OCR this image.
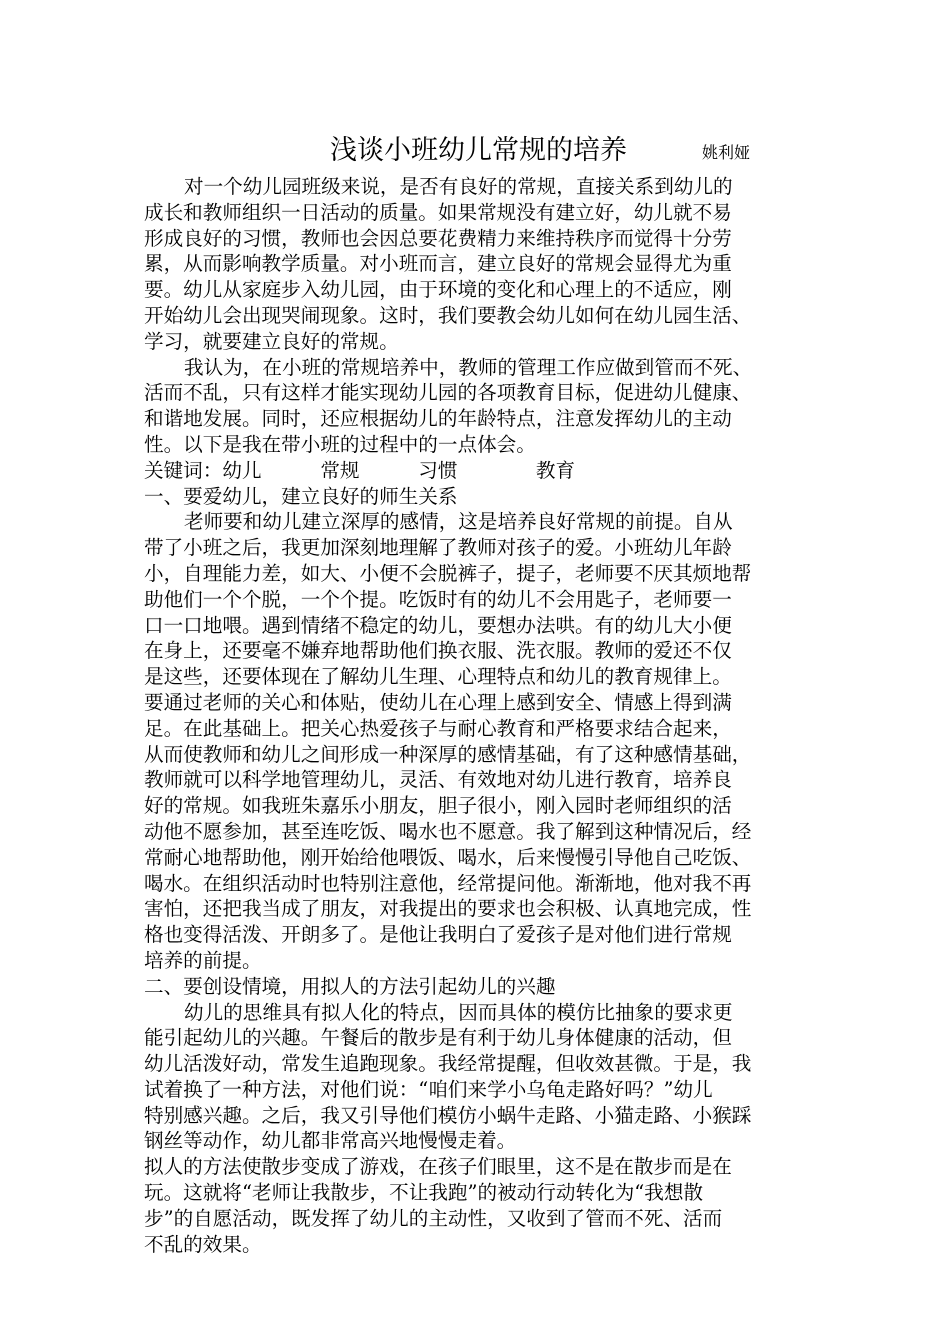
浅谈小班幼儿常规的培养	姚利娅
对一个幼儿园班级来说，是否有良好的常规，直接关系到幼儿的
成长和教师组织一日活动的质量。如果常规没有建立好，幼儿就不易
形成良好的习惯，教师也会因总要花费精力来维持秩序而觉得十分劳
累，从而影响教学质量。对小班而言，建立良好的常规会显得尤为重
要。幼儿从家庭步入幼儿园，由于环境的变化和心理上的不适应，刚
开始幼儿会出现哭闹现象。这时，我们要教会幼儿如何在幼儿园生活、
学习，就要建立良好的常规。
我认为，在小班的常规培养中，教师的管理工作应做到管而不死、
活而不乱，只有这样才能实现幼儿园的各项教育目标，促进幼儿健康、
和谐地发展。同时，还应根据幼儿的年龄特点，注意发挥幼儿的主动
性。以下是我在带小班的过程中的一点体会。
关键词：幼儿　　　常规　　　习惯　　　　教育
一、要爱幼儿，建立良好的师生关系
老师要和幼儿建立深厚的感情，这是培养良好常规的前提。自从
带了小班之后，我更加深刻地理解了教师对孩子的爱。小班幼儿年龄
小，自理能力差，如大、小便不会脱裤子，提子，老师要不厌其烦地帮
助他们一个个脱，一个个提。吃饭时有的幼儿不会用匙子，老师要一
口一口地喂。遇到情绪不稳定的幼儿，要想办法哄。有的幼儿大小便
在身上，还要毫不嫌弃地帮助他们换衣服、洗衣服。教师的爱还不仅
是这些，还要体现在了解幼儿生理、心理特点和幼儿的教育规律上。
要通过老师的关心和体贴，使幼儿在心理上感到安全、情感上得到满
足。在此基础上。把关心热爱孩子与耐心教育和严格要求结合起来，
从而使教师和幼儿之间形成一种深厚的感情基础，有了这种感情基础，
教师就可以科学地管理幼儿，灵活、有效地对幼儿进行教育，培养良
好的常规。如我班朱嘉乐小朋友，胆子很小，刚入园时老师组织的活
动他不愿参加，甚至连吃饭、喝水也不愿意。我了解到这种情况后，经
常耐心地帮助他，刚开始给他喂饭、喝水，后来慢慢引导他自己吃饭、
喝水。在组织活动时也特别注意他，经常提问他。渐渐地，他对我不再
害怕，还把我当成了朋友，对我提出的要求也会积极、认真地完成，性
格也变得活泼、开朗多了。是他让我明白了爱孩子是对他们进行常规
培养的前提。
二、要创设情境，用拟人的方法引起幼儿的兴趣
幼儿的思维具有拟人化的特点，因而具体的模仿比抽象的要求更
能引起幼儿的兴趣。午餐后的散步是有利于幼儿身体健康的活动，但
幼儿活泼好动，常发生追跑现象。我经常提醒，但收效甚微。于是，我
试着换了一种方法，对他们说：“咱们来学小乌龟走路好吗？”幼儿
特别感兴趣。之后，我又引导他们模仿小蜗牛走路、小猫走路、小猴踩
钢丝等动作，幼儿都非常高兴地慢慢走着。
拟人的方法使散步变成了游戏，在孩子们眼里，这不是在散步而是在
玩。这就将“老师让我散步，不让我跑”的被动行动转化为“我想散
步”的自愿活动，既发挥了幼儿的主动性，又收到了管而不死、活而
不乱的效果。
